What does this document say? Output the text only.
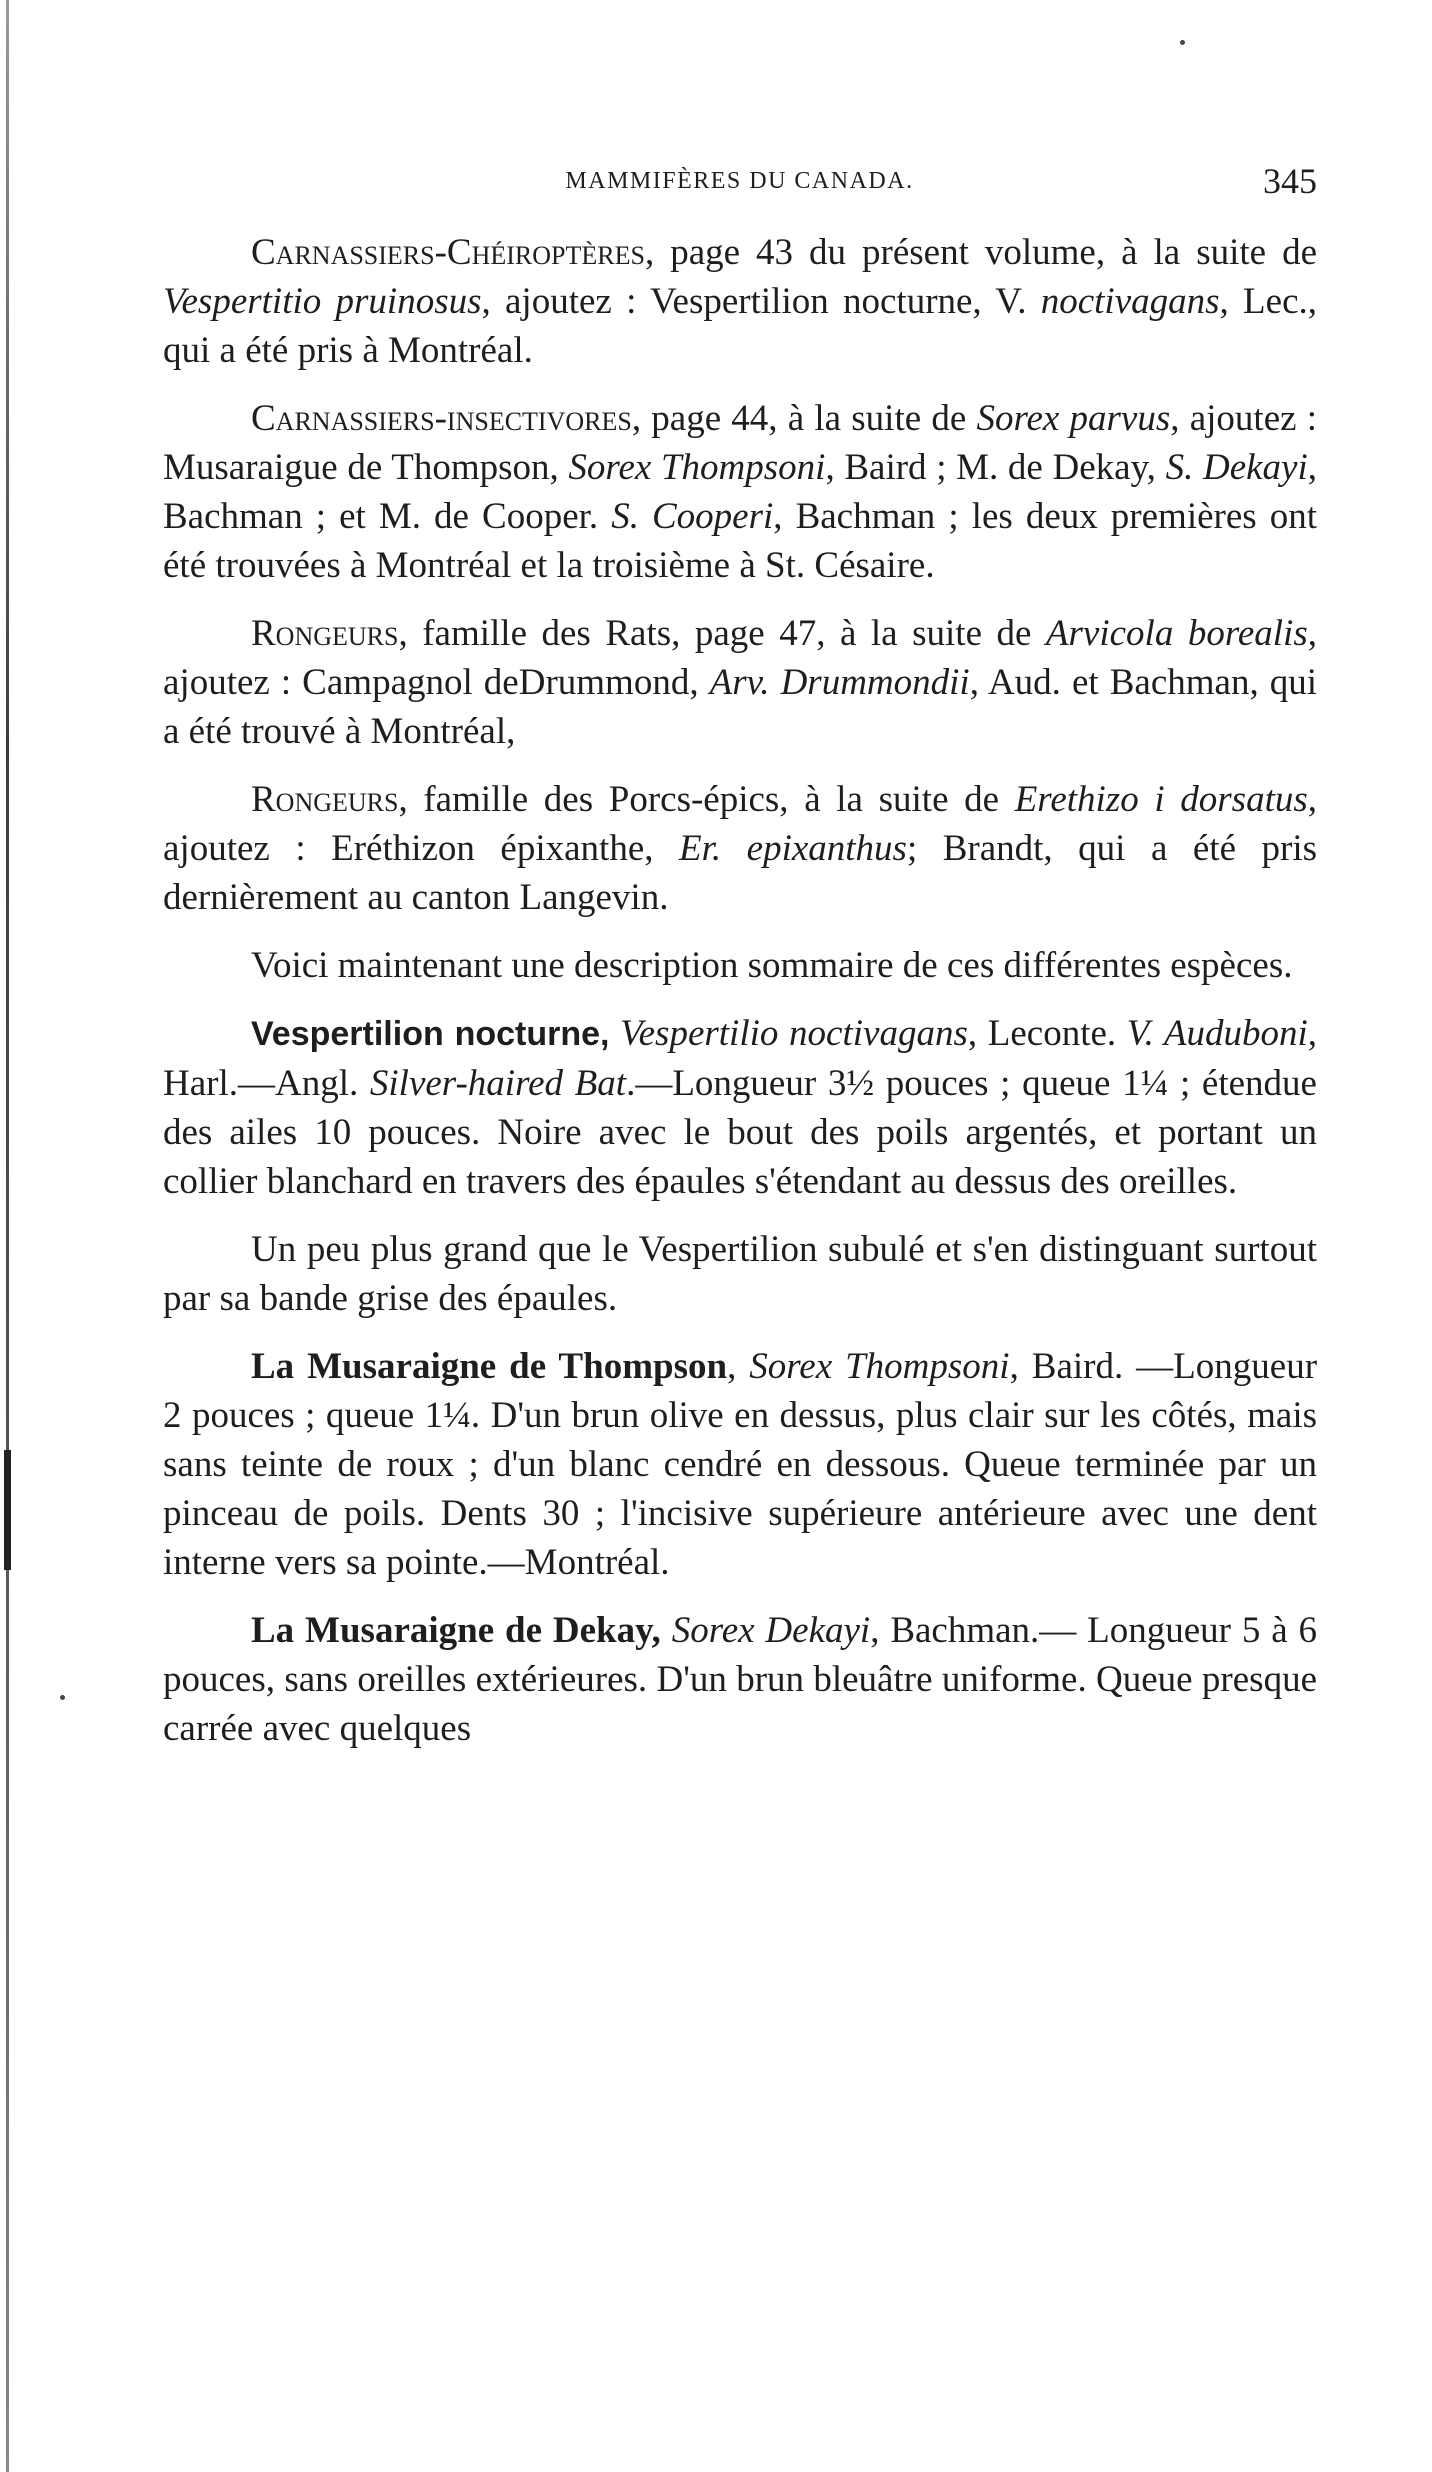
MAMMIFÈRES DU CANADA.	345

Carnassiers-Chéiroptères, page 43 du présent volume, à la suite de Vespertitio pruinosus, ajoutez : Vespertilion nocturne, V. noctivagans, Lec., qui a été pris à Montréal.

Carnassiers-insectivores, page 44, à la suite de Sorex parvus, ajoutez : Musaraigue de Thompson, Sorex Thompsoni, Baird ; M. de Dekay, S. Dekayi, Bachman ; et M. de Cooper. S. Cooperi, Bachman ; les deux premières ont été trouvées à Montréal et la troisième à St. Césaire.

Rongeurs, famille des Rats, page 47, à la suite de Arvicola borealis, ajoutez : Campagnol deDrummond, Arv. Drummondii, Aud. et Bachman, qui a été trouvé à Montréal,

Rongeurs, famille des Porcs-épics, à la suite de Erethizo i dorsatus, ajoutez : Eréthizon épixanthe, Er. epixanthus; Brandt, qui a été pris dernièrement au canton Langevin.

Voici maintenant une description sommaire de ces différentes espèces.

Vespertilion nocturne, Vespertilio noctivagans, Leconte. V. Auduboni, Harl.—Angl. Silver-haired Bat.—Longueur 3½ pouces ; queue 1¼ ; étendue des ailes 10 pouces. Noire avec le bout des poils argentés, et portant un collier blanchard en travers des épaules s'étendant au dessus des oreilles.

Un peu plus grand que le Vespertilion subulé et s'en distinguant surtout par sa bande grise des épaules.

La Musaraigne de Thompson, Sorex Thompsoni, Baird. —Longueur 2 pouces ; queue 1¼. D'un brun olive en dessus, plus clair sur les côtés, mais sans teinte de roux ; d'un blanc cendré en dessous. Queue terminée par un pinceau de poils. Dents 30 ; l'incisive supérieure antérieure avec une dent interne vers sa pointe.—Montréal.

La Musaraigne de Dekay, Sorex Dekayi, Bachman.— Longueur 5 à 6 pouces, sans oreilles extérieures. D'un brun bleuâtre uniforme. Queue presque carrée avec quelques
